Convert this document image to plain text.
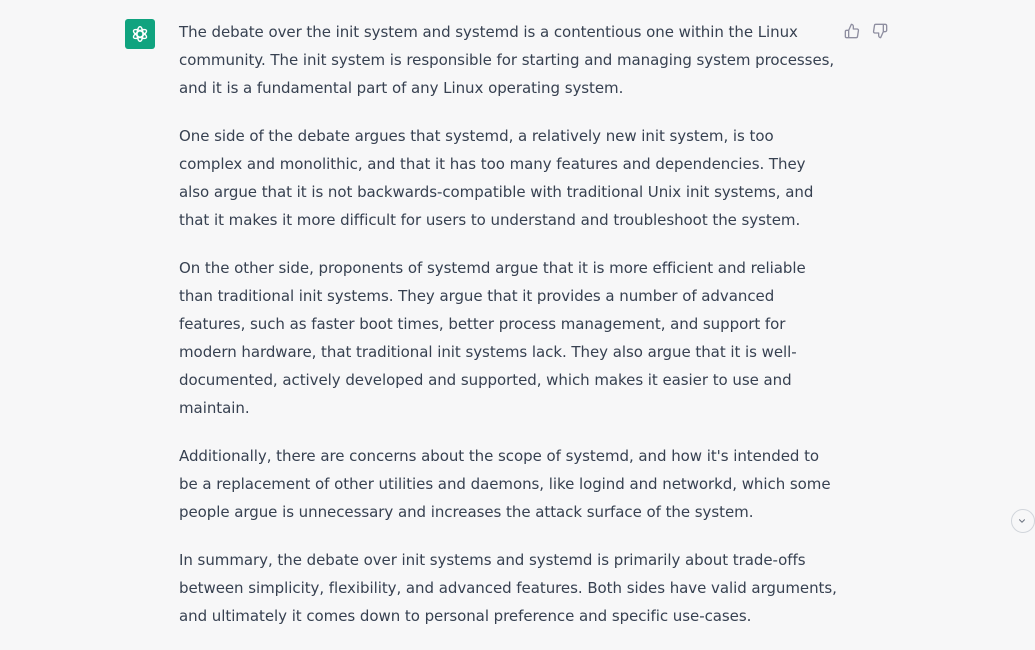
The debate over the init system and systemd is a contentious one within the Linux community. The init system is responsible for starting and managing system processes, and it is a fundamental part of any Linux operating system.

One side of the debate argues that systemd, a relatively new init system, is too complex and monolithic, and that it has too many features and dependencies. They also argue that it is not backwards-compatible with traditional Unix init systems, and that it makes it more difficult for users to understand and troubleshoot the system.

On the other side, proponents of systemd argue that it is more efficient and reliable than traditional init systems. They argue that it provides a number of advanced features, such as faster boot times, better process management, and support for modern hardware, that traditional init systems lack. They also argue that it is well-documented, actively developed and supported, which makes it easier to use and maintain.

Additionally, there are concerns about the scope of systemd, and how it's intended to be a replacement of other utilities and daemons, like logind and networkd, which some people argue is unnecessary and increases the attack surface of the system.

In summary, the debate over init systems and systemd is primarily about trade-offs between simplicity, flexibility, and advanced features. Both sides have valid arguments, and ultimately it comes down to personal preference and specific use-cases.
